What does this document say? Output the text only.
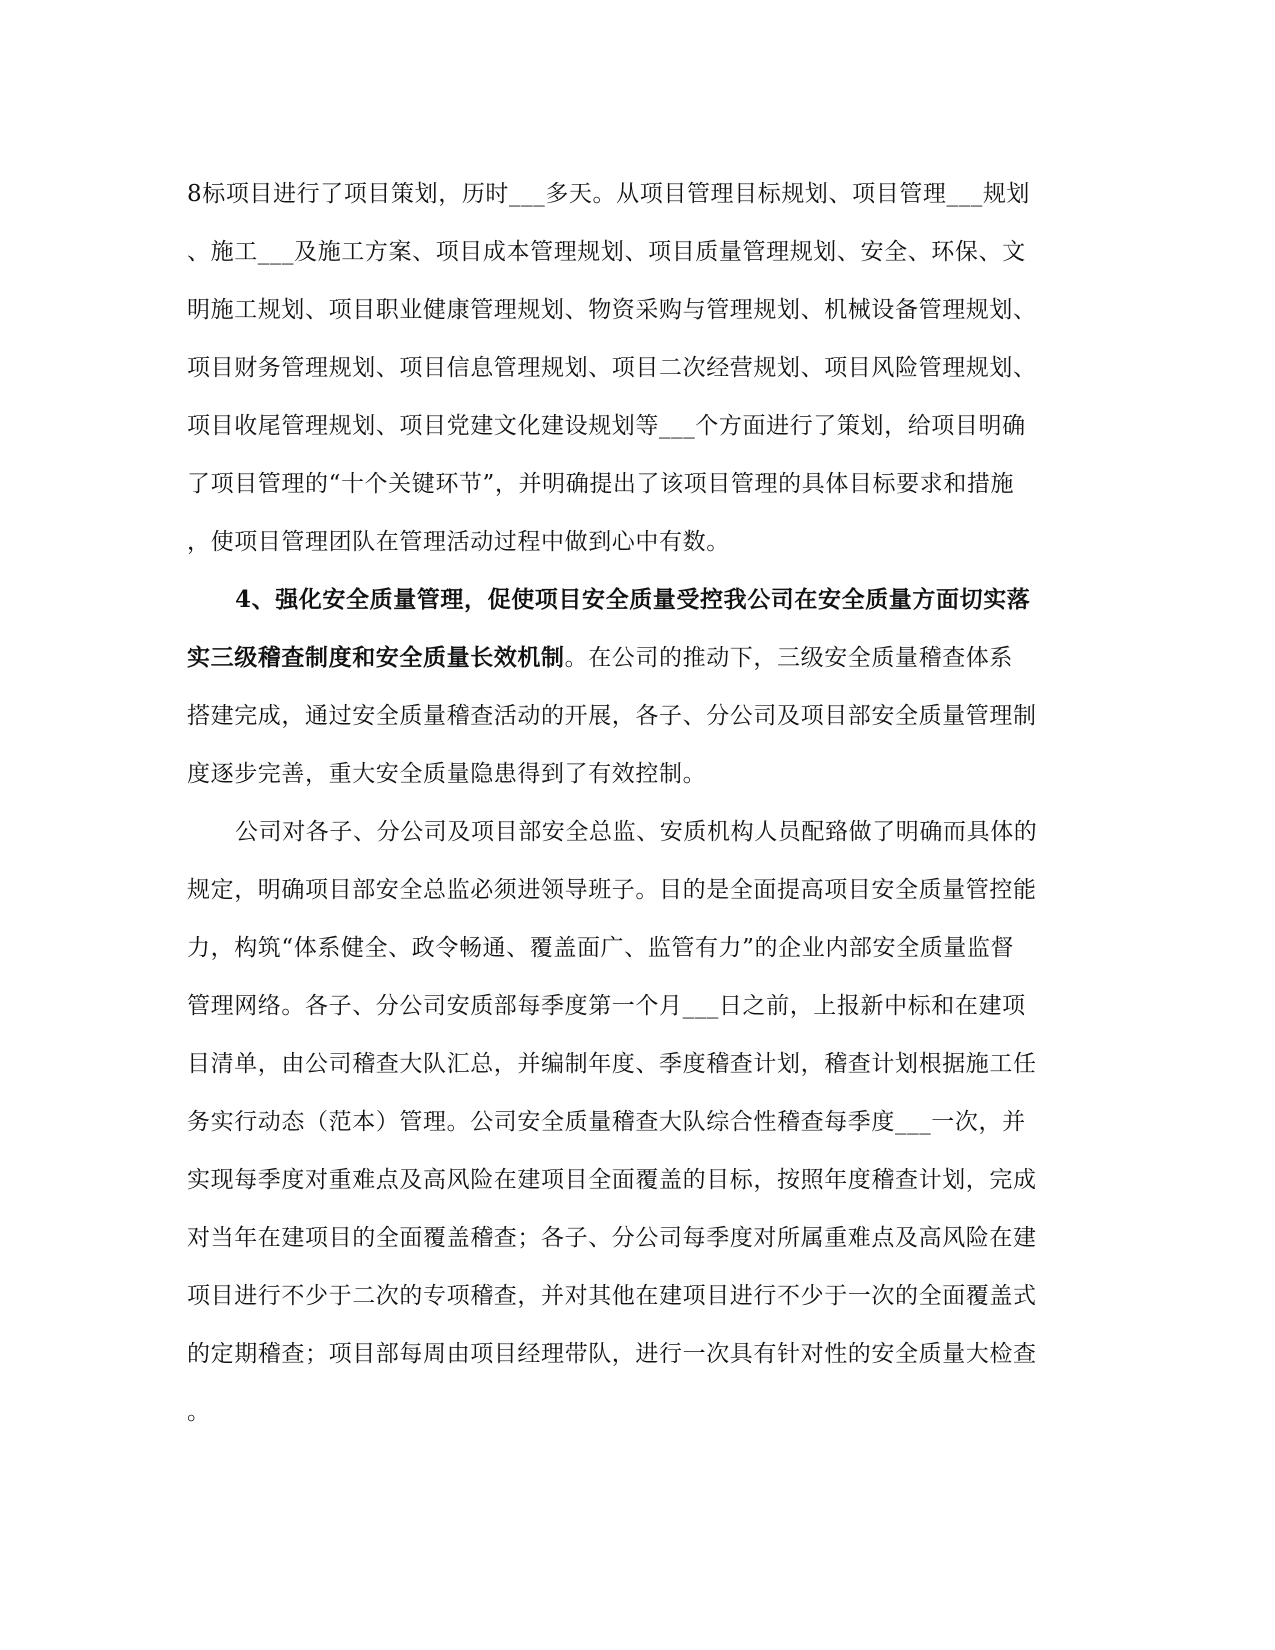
8标项目进行了项目策划，历时___多天。从项目管理目标规划、项目管理___规划
、施工___及施工方案、项目成本管理规划、项目质量管理规划、安全、环保、文
明施工规划、项目职业健康管理规划、物资采购与管理规划、机械设备管理规划、
项目财务管理规划、项目信息管理规划、项目二次经营规划、项目风险管理规划、
项目收尾管理规划、项目党建文化建设规划等___个方面进行了策划，给项目明确
了项目管理的“十个关键环节”，并明确提出了该项目管理的具体目标要求和措施
，使项目管理团队在管理活动过程中做到心中有数。
4、强化安全质量管理，促使项目安全质量受控我公司在安全质量方面切实落
实三级稽查制度和安全质量长效机制。在公司的推动下，三级安全质量稽查体系
搭建完成，通过安全质量稽查活动的开展，各子、分公司及项目部安全质量管理制
度逐步完善，重大安全质量隐患得到了有效控制。
公司对各子、分公司及项目部安全总监、安质机构人员配臵做了明确而具体的
规定，明确项目部安全总监必须进领导班子。目的是全面提高项目安全质量管控能
力，构筑“体系健全、政令畅通、覆盖面广、监管有力”的企业内部安全质量监督
管理网络。各子、分公司安质部每季度第一个月___日之前，上报新中标和在建项
目清单，由公司稽查大队汇总，并编制年度、季度稽查计划，稽查计划根据施工任
务实行动态（范本）管理。公司安全质量稽查大队综合性稽查每季度___一次，并
实现每季度对重难点及高风险在建项目全面覆盖的目标，按照年度稽查计划，完成
对当年在建项目的全面覆盖稽查；各子、分公司每季度对所属重难点及高风险在建
项目进行不少于二次的专项稽查，并对其他在建项目进行不少于一次的全面覆盖式
的定期稽查；项目部每周由项目经理带队，进行一次具有针对性的安全质量大检查
。
